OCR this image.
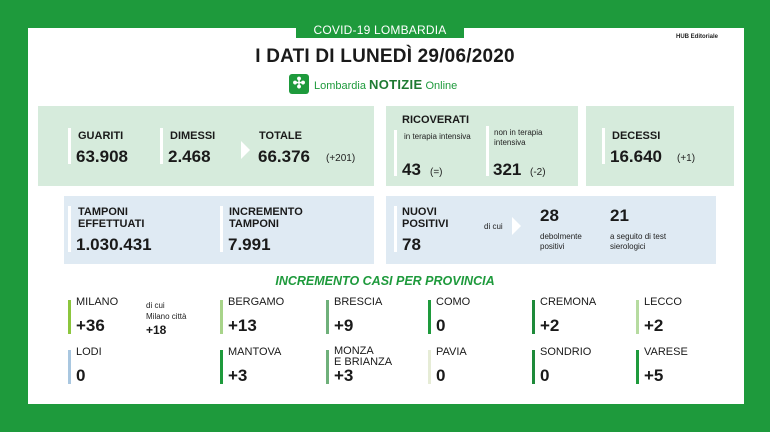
COVID-19 LOMBARDIA	HUB Editoriale
I DATI DI LUNEDÌ 29/06/2020
✣ Lombardia NOTIZIE Online
GUARITI
63.908
DIMESSI
2.468
TOTALE
66.376 (+201)
RICOVERATI
in terapia intensiva
43 (=)
non in terapia intensiva
321 (-2)
DECESSI
16.640 (+1)
TAMPONI
EFFETTUATI
1.030.431
INCREMENTO
TAMPONI
7.991
NUOVI
POSITIVI
78
di cui
28
debolmente
positivi
21
a seguito di test
sierologici
INCREMENTO CASI PER PROVINCIA
MILANO
+36
di cui
Milano città
+18
BERGAMO
+13
BRESCIA
+9
COMO
0
CREMONA
+2
LECCO
+2
LODI
0
MANTOVA
+3
MONZA
E BRIANZA
+3
PAVIA
0
SONDRIO
0
VARESE
+5
